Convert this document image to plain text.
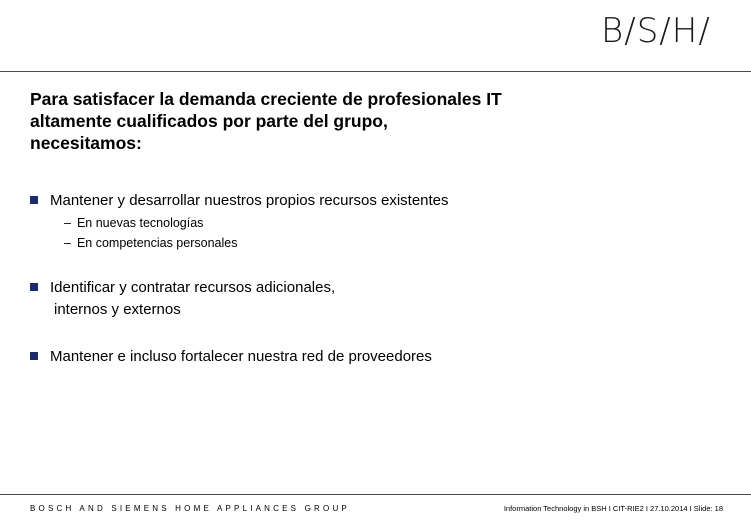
B/S/H/
Para satisfacer la demanda creciente de profesionales IT
altamente cualificados por parte del grupo,
necesitamos:
Mantener y desarrollar nuestros propios recursos existentes
– En nuevas tecnologías
– En competencias personales
Identificar y contratar recursos adicionales,
internos y externos
Mantener e incluso fortalecer nuestra red de proveedores
BOSCH AND SIEMENS HOME APPLIANCES GROUP	Information Technology in BSH I CIT-RIE2 I 27.10.2014 I Slide: 18
